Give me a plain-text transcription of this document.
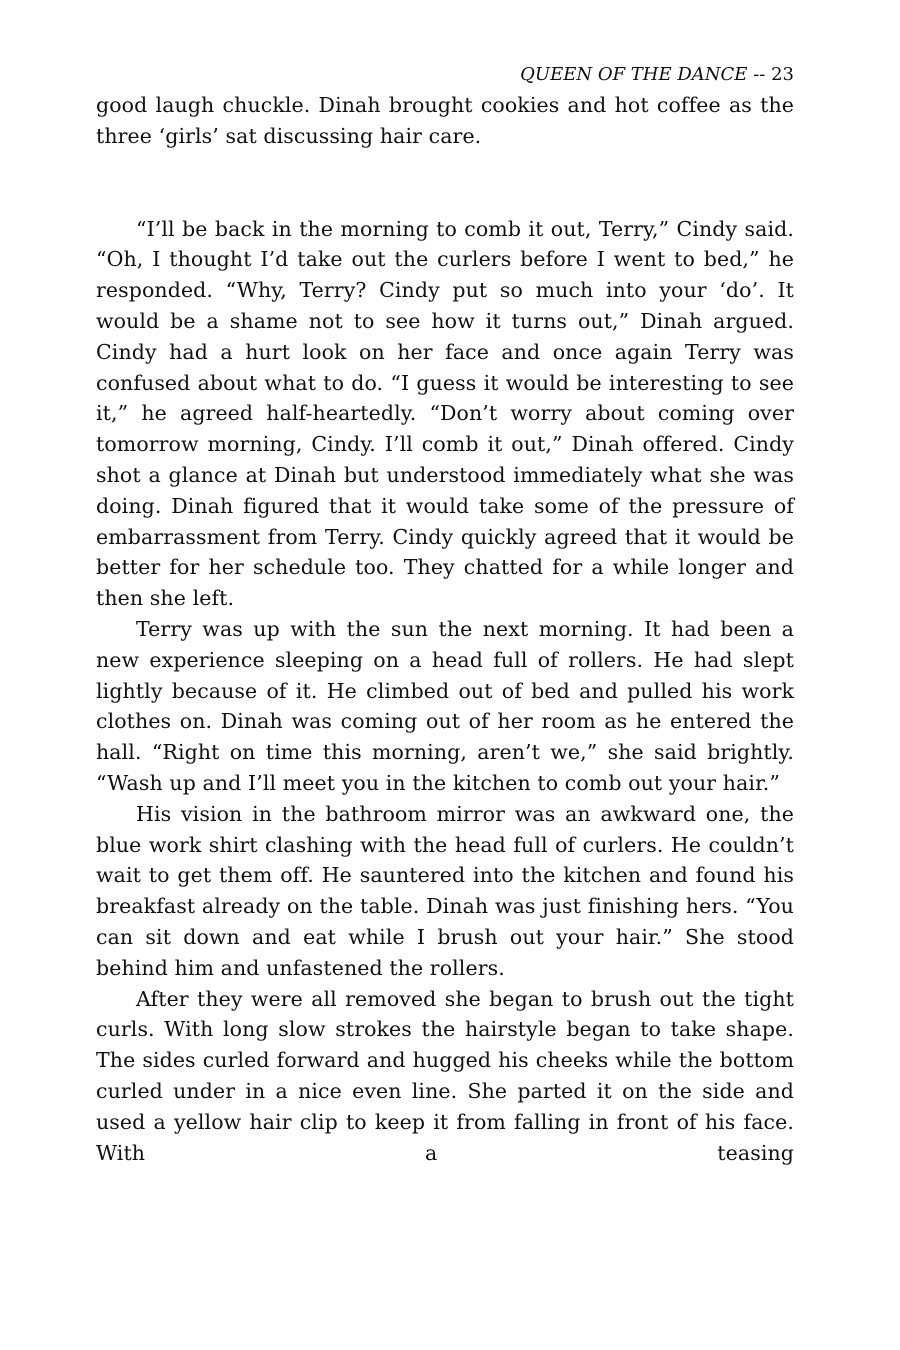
QUEEN OF THE DANCE -- 23

good laugh chuckle. Dinah brought cookies and hot coffee as the three ‘girls’ sat discussing hair care.

“I’ll be back in the morning to comb it out, Terry,” Cindy said. “Oh, I thought I’d take out the curlers before I went to bed,” he responded. “Why, Terry? Cindy put so much into your ‘do’. It would be a shame not to see how it turns out,” Dinah argued. Cindy had a hurt look on her face and once again Terry was confused about what to do. “I guess it would be interesting to see it,” he agreed half-heartedly. “Don’t worry about coming over tomorrow morning, Cindy. I’ll comb it out,” Dinah offered. Cindy shot a glance at Dinah but understood immediately what she was doing. Dinah figured that it would take some of the pressure of embarrassment from Terry. Cindy quickly agreed that it would be better for her schedule too. They chatted for a while longer and then she left.

Terry was up with the sun the next morning. It had been a new experience sleeping on a head full of rollers. He had slept lightly because of it. He climbed out of bed and pulled his work clothes on. Dinah was coming out of her room as he entered the hall. “Right on time this morning, aren’t we,” she said brightly. “Wash up and I’ll meet you in the kitchen to comb out your hair.”

His vision in the bathroom mirror was an awkward one, the blue work shirt clashing with the head full of curlers. He couldn’t wait to get them off. He sauntered into the kitchen and found his breakfast already on the table. Dinah was just finishing hers. “You can sit down and eat while I brush out your hair.” She stood behind him and unfastened the rollers.

After they were all removed she began to brush out the tight curls. With long slow strokes the hairstyle began to take shape. The sides curled forward and hugged his cheeks while the bottom curled under in a nice even line. She parted it on the side and used a yellow hair clip to keep it from falling in front of his face. With a teasing
